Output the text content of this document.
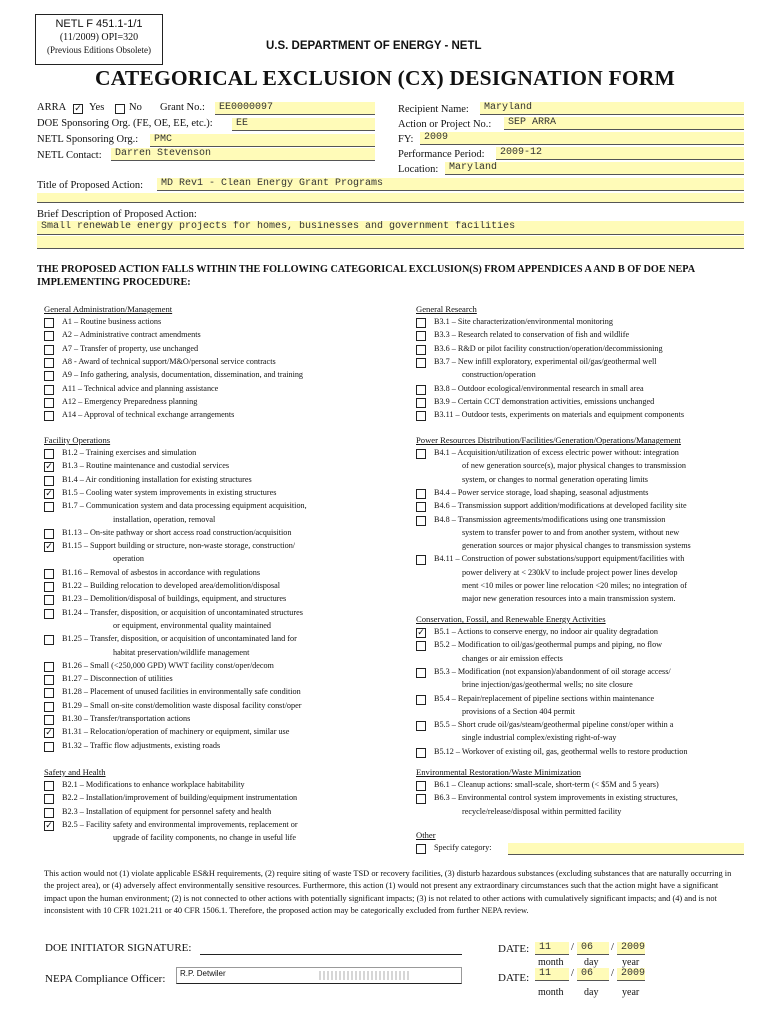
NETL F 451.1-1/1
(11/2009) OPI=320
(Previous Editions Obsolete)	U.S. DEPARTMENT OF ENERGY - NETL
CATEGORICAL EXCLUSION (CX) DESIGNATION FORM
ARRA ✓ Yes No Grant No.:	EE0000097
DOE Sponsoring Org. (FE, OE, EE, etc.):	EE
NETL Sponsoring Org.:	PMC
NETL Contact:	Darren Stevenson
Recipient Name:	Maryland
Action or Project No.:	SEP ARRA
FY:	2009
Performance Period:	2009-12
Location:	Maryland
Title of Proposed Action:	MD Rev1 - Clean Energy Grant Programs
Brief Description of Proposed Action:
Small renewable energy projects for homes, businesses and government facilities
THE PROPOSED ACTION FALLS WITHIN THE FOLLOWING CATEGORICAL EXCLUSION(S) FROM APPENDICES A AND B OF DOE NEPA IMPLEMENTING PROCEDURE:
General Administration/Management
A1 – Routine business actions
A2 – Administrative contract amendments
A7 – Transfer of property, use unchanged
A8 - Award of technical support/M&O/personal service contracts
A9 – Info gathering, analysis, documentation, dissemination, and training
A11 – Technical advice and planning assistance
A12 – Emergency Preparedness planning
A14 – Approval of technical exchange arrangements
Facility Operations
B1.2 – Training exercises and simulation
✓ B1.3 – Routine maintenance and custodial services
B1.4 – Air conditioning installation for existing structures
✓ B1.5 – Cooling water system improvements in existing structures
B1.7 – Communication system and data processing equipment acquisition,
installation, operation, removal
B1.13 – On-site pathway or short access road construction/acquisition
✓ B1.15 – Support building or structure, non-waste storage, construction/
operation
B1.16 – Removal of asbestos in accordance with regulations
B1.22 – Building relocation to developed area/demolition/disposal
B1.23 – Demolition/disposal of buildings, equipment, and structures
B1.24 – Transfer, disposition, or acquisition of uncontaminated structures
or equipment, environmental quality maintained
B1.25 – Transfer, disposition, or acquisition of uncontaminated land for
habitat preservation/wildlife management
B1.26 – Small (<250,000 GPD) WWT facility const/oper/decom
B1.27 – Disconnection of utilities
B1.28 – Placement of unused facilities in environmentally safe condition
B1.29 – Small on-site const/demolition waste disposal facility const/oper
B1.30 – Transfer/transportation actions
✓ B1.31 – Relocation/operation of machinery or equipment, similar use
B1.32 – Traffic flow adjustments, existing roads
Safety and Health
B2.1 – Modifications to enhance workplace habitability
B2.2 – Installation/improvement of building/equipment instrumentation
B2.3 – Installation of equipment for personnel safety and health
✓ B2.5 – Facility safety and environmental improvements, replacement or
upgrade of facility components, no change in useful life
General Research
B3.1 – Site characterization/environmental monitoring
B3.3 – Research related to conservation of fish and wildlife
B3.6 – R&D or pilot facility construction/operation/decommissioning
B3.7 – New infill exploratory, experimental oil/gas/geothermal well
construction/operation
B3.8 – Outdoor ecological/environmental research in small area
B3.9 – Certain CCT demonstration activities, emissions unchanged
B3.11 – Outdoor tests, experiments on materials and equipment components
Power Resources Distribution/Facilities/Generation/Operations/Management
B4.1 – Acquisition/utilization of excess electric power without: integration
of new generation source(s), major physical changes to transmission
system, or changes to normal generation operating limits
B4.4 – Power service storage, load shaping, seasonal adjustments
B4.6 – Transmission support addition/modifications at developed facility site
B4.8 – Transmission agreements/modifications using one transmission
system to transfer power to and from another system, without new
generation sources or major physical changes to transmission systems
B4.11 – Construction of power substations/support equipment/facilities with
power delivery at < 230kV to include project power lines develop
ment <10 miles or power line relocation <20 miles; no integration of
major new generation resources into a main transmission system.
Conservation, Fossil, and Renewable Energy Activities
✓ B5.1 – Actions to conserve energy, no indoor air quality degradation
B5.2 – Modification to oil/gas/geothermal pumps and piping, no flow
changes or air emission effects
B5.3 – Modification (not expansion)/abandonment of oil storage access/
brine injection/gas/geothermal wells; no site closure
B5.4 – Repair/replacement of pipeline sections within maintenance
provisions of a Section 404 permit
B5.5 – Short crude oil/gas/steam/geothermal pipeline const/oper within a
single industrial complex/existing right-of-way
B5.12 – Workover of existing oil, gas, geothermal wells to restore production
Environmental Restoration/Waste Minimization
B6.1 – Cleanup actions: small-scale, short-term (< $5M and 5 years)
B6.3 – Environmental control system improvements in existing structures,
recycle/release/disposal within permitted facility
Other
Specify category:
This action would not (1) violate applicable ES&H requirements, (2) require siting of waste TSD or recovery facilities, (3) disturb hazardous substances (excluding substances that are naturally occurring in the project area), or (4) adversely affect environmentally sensitive resources. Furthermore, this action (1) would not present any extraordinary circumstances such that the action might have a significant impact upon the human environment; (2) is not connected to other actions with potentially significant impacts; (3) is not related to other actions with cumulatively significant impacts; and (4) and is not inconsistent with 10 CFR 1021.211 or 40 CFR 1506.1. Therefore, the proposed action may be categorically excluded from further NEPA review.
DOE INITIATOR SIGNATURE:
NEPA Compliance Officer: R.P. Detwiler
DATE: 11	/ 06	/ 2009
month day year
DATE: 11	/ 06	/ 2009
month day year
